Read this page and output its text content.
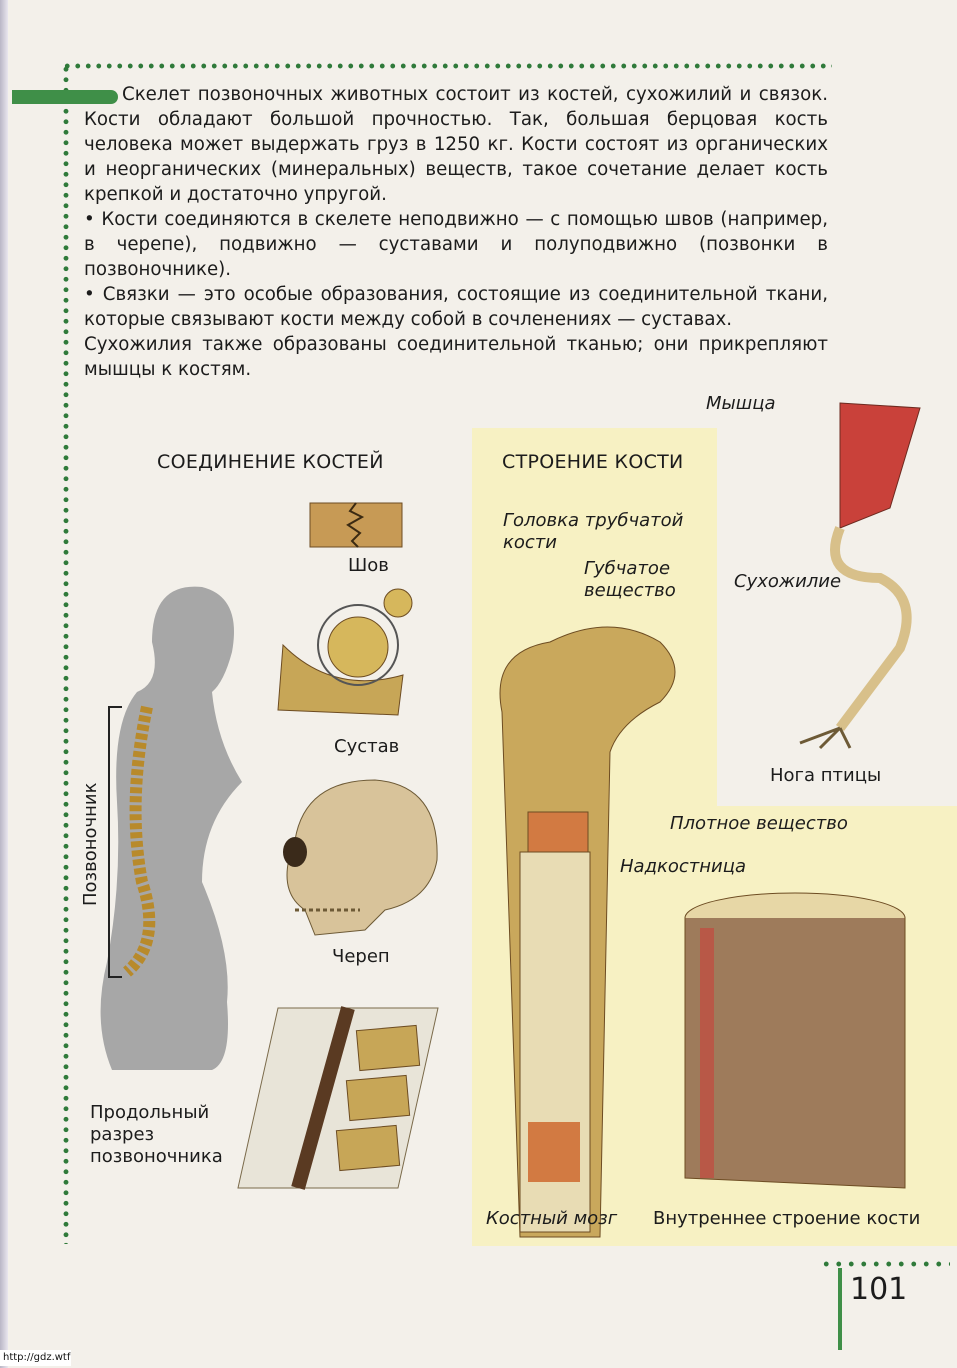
Скелет позвоночных животных состоит из костей, сухожилий и связок. Кости обладают большой прочностью. Так, большая берцовая кость человека может выдержать груз в 1250 кг. Кости состоят из органических и неорганических (минеральных) веществ, такое сочетание делает кость крепкой и достаточно упругой.

• Кости соединяются в скелете неподвижно — с помощью швов (например, в черепе), подвижно — суставами и полуподвижно (позвонки в позвоночнике).

• Связки — это особые образования, состоящие из соединительной ткани, которые связывают кости между собой в сочленениях — суставах.

Сухожилия также образованы соединительной тканью; они прикрепляют мышцы к костям.

СОЕДИНЕНИЕ КОСТЕЙ	СТРОЕНИЕ КОСТИ
Шов
Сустав
Череп
Позвоночник
Продольный
разрез
позвоночника
Головка трубчатой
кости
Губчатое
вещество
Мышца
Сухожилие
Нога птицы
Плотное вещество
Надкостница
Костный мозг Внутреннее строение кости
101
http://gdz.wtf
